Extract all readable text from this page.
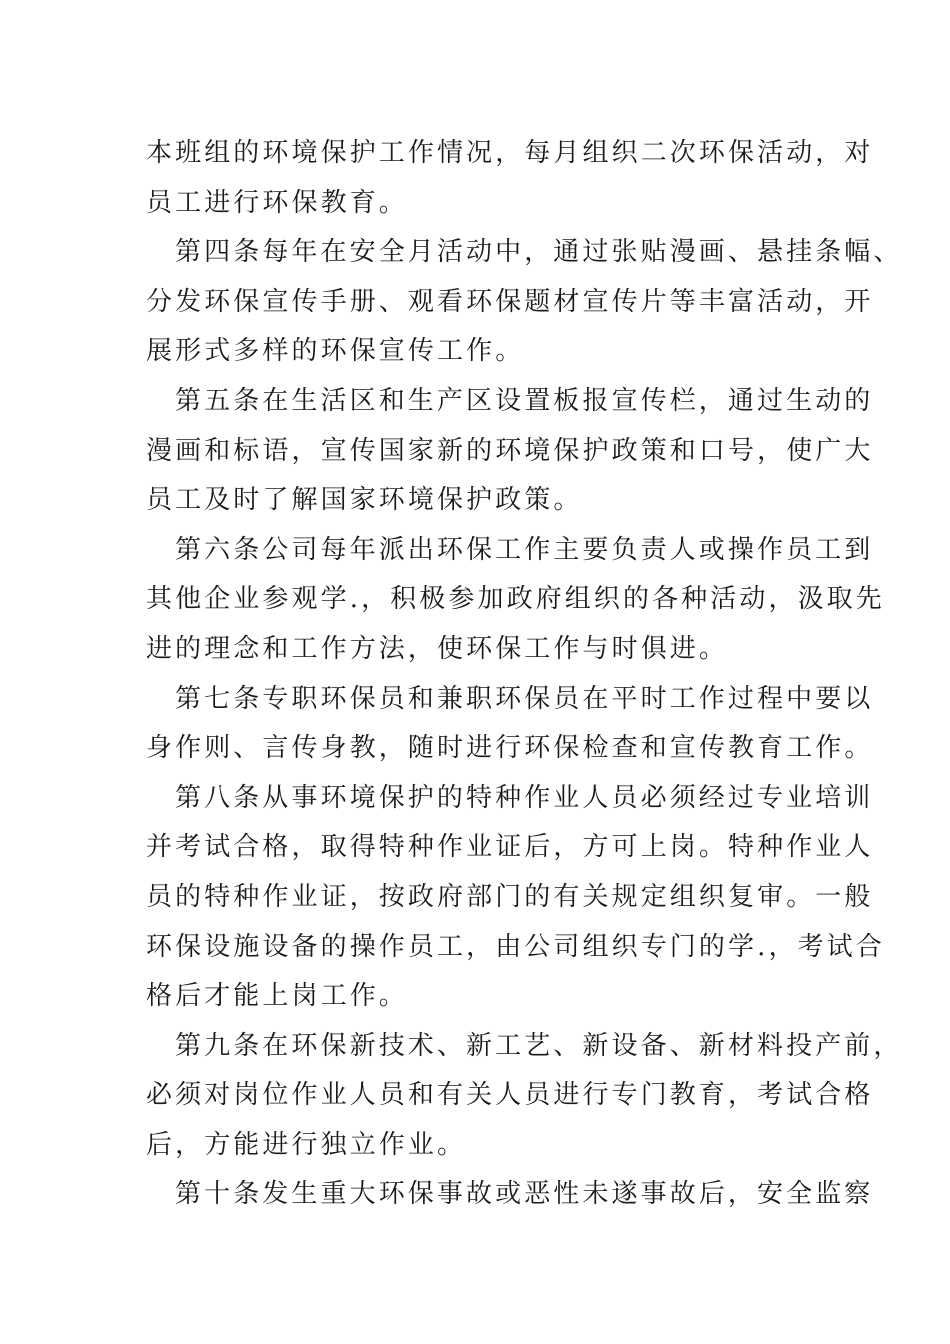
本班组的环境保护工作情况，每月组织二次环保活动，对
员工进行环保教育。
第四条每年在安全月活动中，通过张贴漫画、悬挂条幅、
分发环保宣传手册、观看环保题材宣传片等丰富活动，开
展形式多样的环保宣传工作。
第五条在生活区和生产区设置板报宣传栏，通过生动的
漫画和标语，宣传国家新的环境保护政策和口号，使广大
员工及时了解国家环境保护政策。
第六条公司每年派出环保工作主要负责人或操作员工到
其他企业参观学.，积极参加政府组织的各种活动，汲取先
进的理念和工作方法，使环保工作与时俱进。
第七条专职环保员和兼职环保员在平时工作过程中要以
身作则、言传身教，随时进行环保检查和宣传教育工作。
第八条从事环境保护的特种作业人员必须经过专业培训
并考试合格，取得特种作业证后，方可上岗。特种作业人
员的特种作业证，按政府部门的有关规定组织复审。一般
环保设施设备的操作员工，由公司组织专门的学.，考试合
格后才能上岗工作。
第九条在环保新技术、新工艺、新设备、新材料投产前，
必须对岗位作业人员和有关人员进行专门教育，考试合格
后，方能进行独立作业。
第十条发生重大环保事故或恶性未遂事故后，安全监察
